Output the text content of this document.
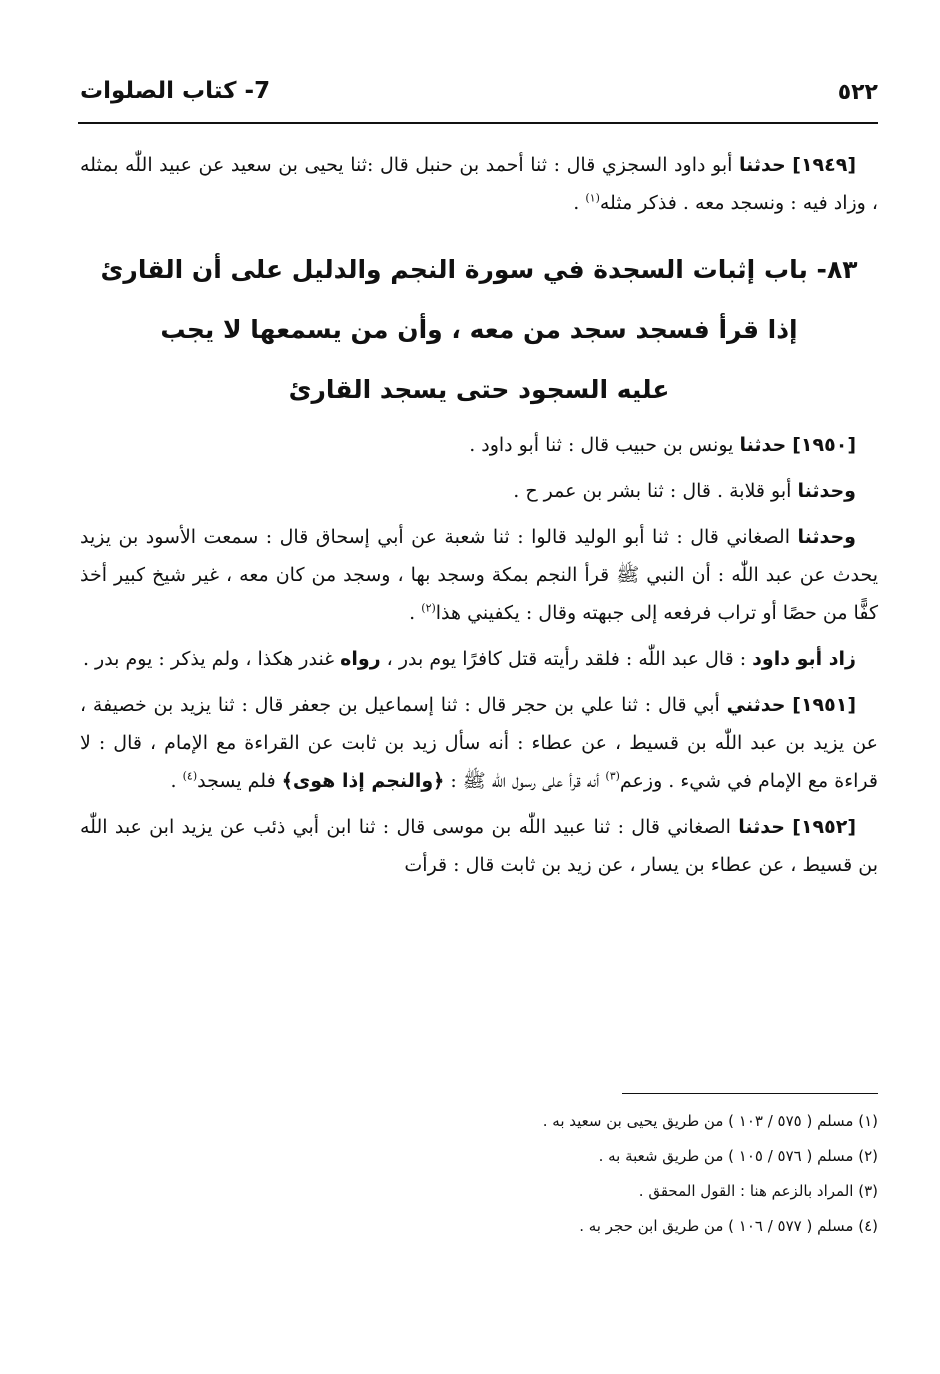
7- كتاب الصلوات	٥٢٢

[١٩٤٩] حدثنا أبو داود السجزي قال : ثنا أحمد بن حنبل قال :ثنا يحيى بن سعيد عن عبيد اللّٰه بمثله ، وزاد فيه : ونسجد معه . فذكر مثله$^{(١)}$ .

٨٣- باب إثبات السجدة في سورة النجم والدليل على أن القارئ
إذا قرأ فسجد سجد من معه ، وأن من يسمعها لا يجب
عليه السجود حتى يسجد القارئ

[١٩٥٠] حدثنا يونس بن حبيب قال : ثنا أبو داود .

وحدثنا أبو قلابة . قال : ثنا بشر بن عمر ح .

وحدثنا الصغاني قال : ثنا أبو الوليد قالوا : ثنا شعبة عن أبي إسحاق قال : سمعت الأسود بن يزيد يحدث عن عبد اللّٰه : أن النبي ﷺ قرأ النجم بمكة وسجد بها ، وسجد من كان معه ، غير شيخ كبير أخذ كفًّا من حصًا أو تراب فرفعه إلى جبهته وقال : يكفيني هذا$^{(٢)}$ .

زاد أبو داود : قال عبد اللّٰه : فلقد رأيته قتل كافرًا يوم بدر ، رواه غندر هكذا ، ولم يذكر : يوم بدر .

[١٩٥١] حدثني أبي قال : ثنا علي بن حجر قال : ثنا إسماعيل بن جعفر قال : ثنا يزيد بن خصيفة ، عن يزيد بن عبد اللّٰه بن قسيط ، عن عطاء : أنه سأل زيد بن ثابت عن القراءة مع الإمام ، قال : لا قراءة مع الإمام في شيء . وزعم$^{(٣)}$ أنه قرأ على رسول اللّٰه ﷺ : ﴿والنجم إذا هوى﴾ فلم يسجد$^{(٤)}$ .

[١٩٥٢] حدثنا الصغاني قال : ثنا عبيد اللّٰه بن موسى قال : ثنا ابن أبي ذئب عن يزيد ابن عبد اللّٰه بن قسيط ، عن عطاء بن يسار ، عن زيد بن ثابت قال : قرأت

(١) مسلم ( ٥٧٥ / ١٠٣ ) من طريق يحيى بن سعيد به .

(٢) مسلم ( ٥٧٦ / ١٠٥ ) من طريق شعبة به .

(٣) المراد بالزعم هنا : القول المحقق .

(٤) مسلم ( ٥٧٧ / ١٠٦ ) من طريق ابن حجر به .
